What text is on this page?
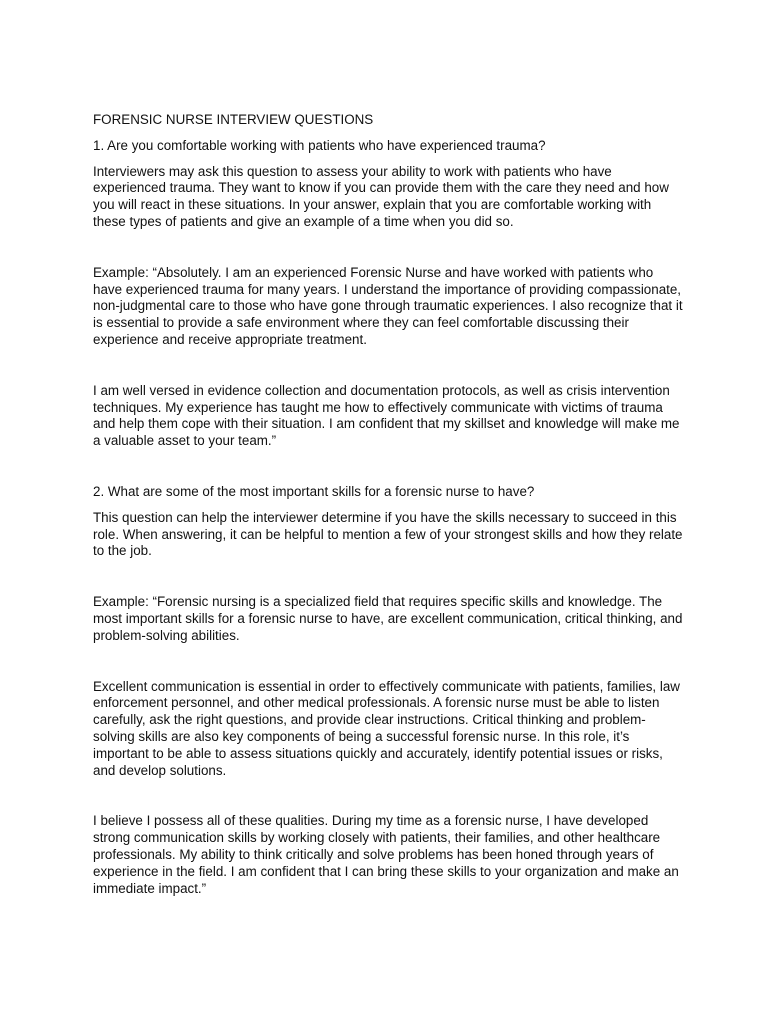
FORENSIC NURSE INTERVIEW QUESTIONS

1. Are you comfortable working with patients who have experienced trauma?

Interviewers may ask this question to assess your ability to work with patients who have experienced trauma. They want to know if you can provide them with the care they need and how you will react in these situations. In your answer, explain that you are comfortable working with these types of patients and give an example of a time when you did so.

Example: “Absolutely. I am an experienced Forensic Nurse and have worked with patients who have experienced trauma for many years. I understand the importance of providing compassionate, non-judgmental care to those who have gone through traumatic experiences. I also recognize that it is essential to provide a safe environment where they can feel comfortable discussing their experience and receive appropriate treatment.

I am well versed in evidence collection and documentation protocols, as well as crisis intervention techniques. My experience has taught me how to effectively communicate with victims of trauma and help them cope with their situation. I am confident that my skillset and knowledge will make me a valuable asset to your team.”

2. What are some of the most important skills for a forensic nurse to have?

This question can help the interviewer determine if you have the skills necessary to succeed in this role. When answering, it can be helpful to mention a few of your strongest skills and how they relate to the job.

Example: “Forensic nursing is a specialized field that requires specific skills and knowledge. The most important skills for a forensic nurse to have, are excellent communication, critical thinking, and problem-solving abilities.

Excellent communication is essential in order to effectively communicate with patients, families, law enforcement personnel, and other medical professionals. A forensic nurse must be able to listen carefully, ask the right questions, and provide clear instructions. Critical thinking and problem-solving skills are also key components of being a successful forensic nurse. In this role, it’s important to be able to assess situations quickly and accurately, identify potential issues or risks, and develop solutions.

I believe I possess all of these qualities. During my time as a forensic nurse, I have developed strong communication skills by working closely with patients, their families, and other healthcare professionals. My ability to think critically and solve problems has been honed through years of experience in the field. I am confident that I can bring these skills to your organization and make an immediate impact.”
